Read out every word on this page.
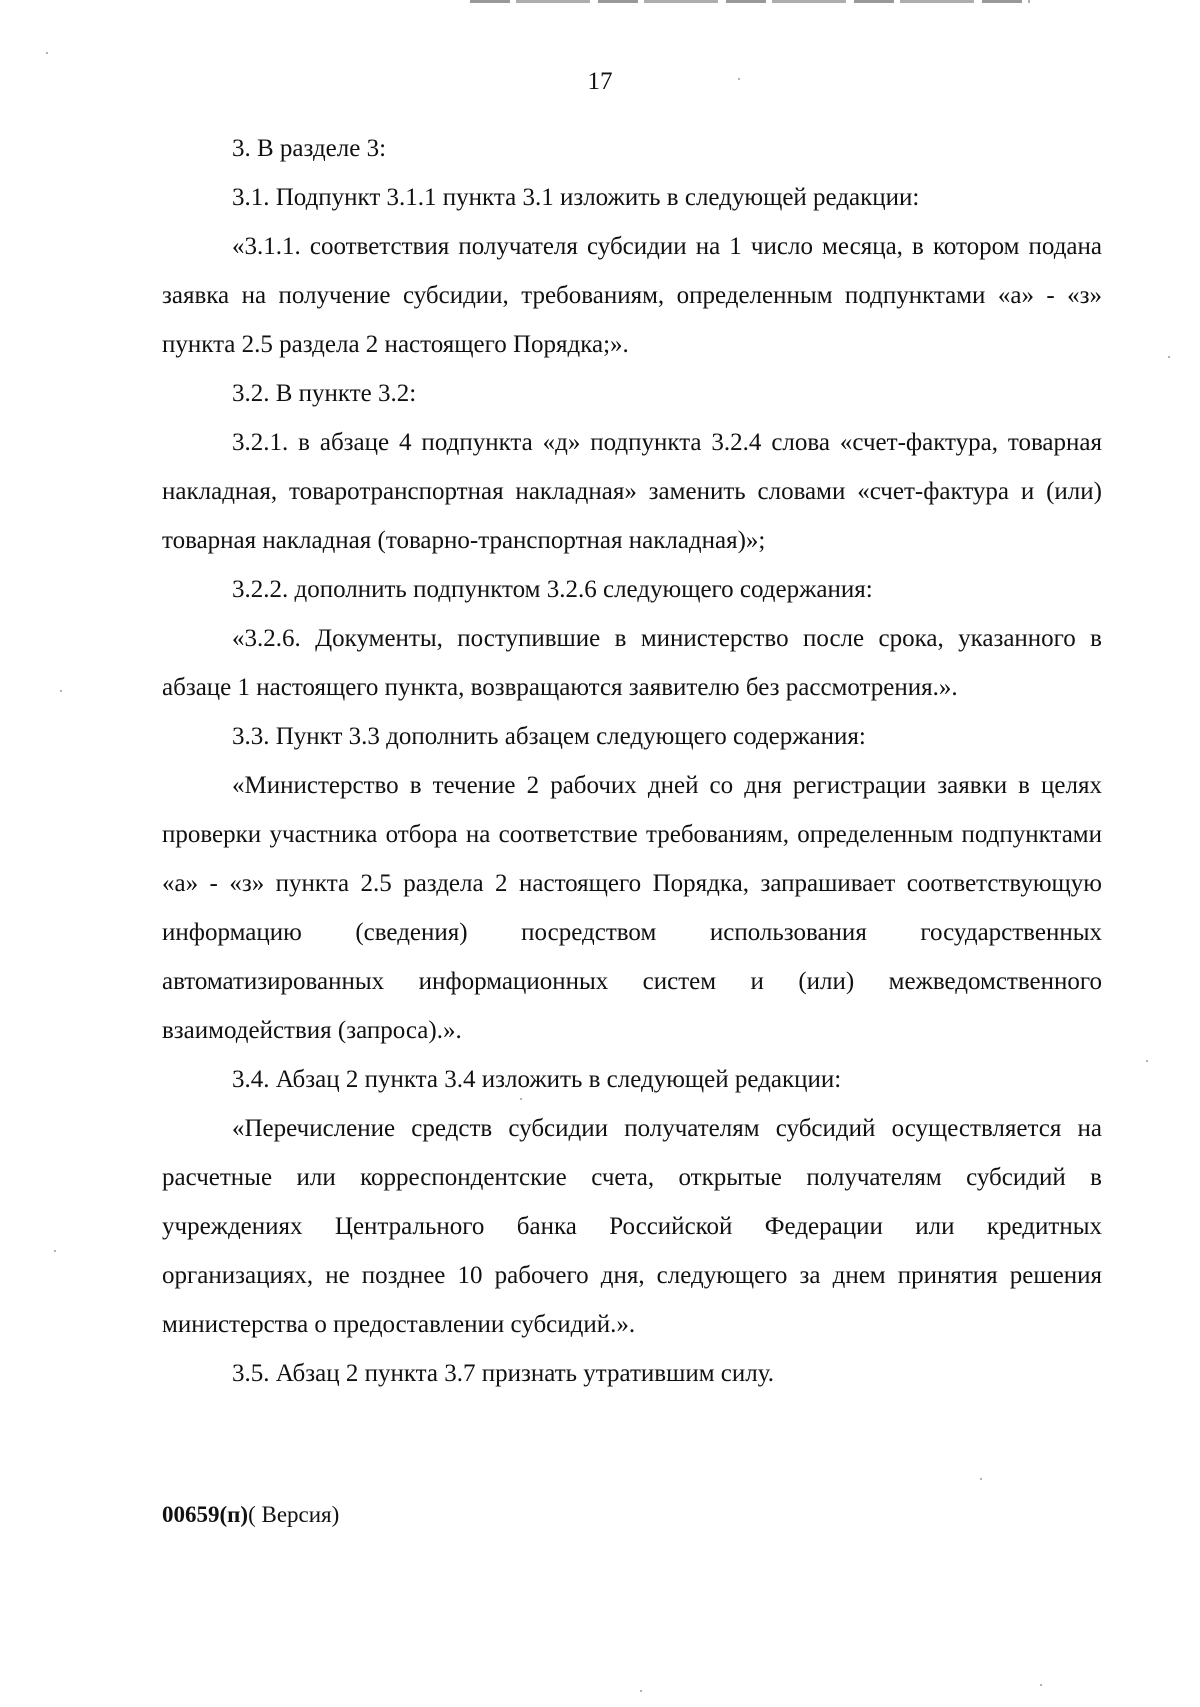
17

3. В разделе 3:

3.1. Подпункт 3.1.1 пункта 3.1 изложить в следующей редакции:

«3.1.1. соответствия получателя субсидии на 1 число месяца, в котором подана заявка на получение субсидии, требованиям, определенным подпунктами «а» - «з» пункта 2.5 раздела 2 настоящего Порядка;».

3.2. В пункте 3.2:

3.2.1. в абзаце 4 подпункта «д» подпункта 3.2.4 слова «счет-фактура, товарная накладная, товаротранспортная накладная» заменить словами «счет-фактура и (или) товарная накладная (товарно-транспортная накладная)»;

3.2.2. дополнить подпунктом 3.2.6 следующего содержания:

«3.2.6. Документы, поступившие в министерство после срока, указанного в абзаце 1 настоящего пункта, возвращаются заявителю без рассмотрения.».

3.3. Пункт 3.3 дополнить абзацем следующего содержания:

«Министерство в течение 2 рабочих дней со дня регистрации заявки в целях проверки участника отбора на соответствие требованиям, определенным подпунктами «а» - «з» пункта 2.5 раздела 2 настоящего Порядка, запрашивает соответствующую информацию (сведения) посредством использования государственных автоматизированных информационных систем и (или) межведомственного взаимодействия (запроса).».

3.4. Абзац 2 пункта 3.4 изложить в следующей редакции:

«Перечисление средств субсидии получателям субсидий осуществляется на расчетные или корреспондентские счета, открытые получателям субсидий в учреждениях Центрального банка Российской Федерации или кредитных организациях, не позднее 10 рабочего дня, следующего за днем принятия решения министерства о предоставлении субсидий.».

3.5. Абзац 2 пункта 3.7 признать утратившим силу.

00659(п)( Версия)
